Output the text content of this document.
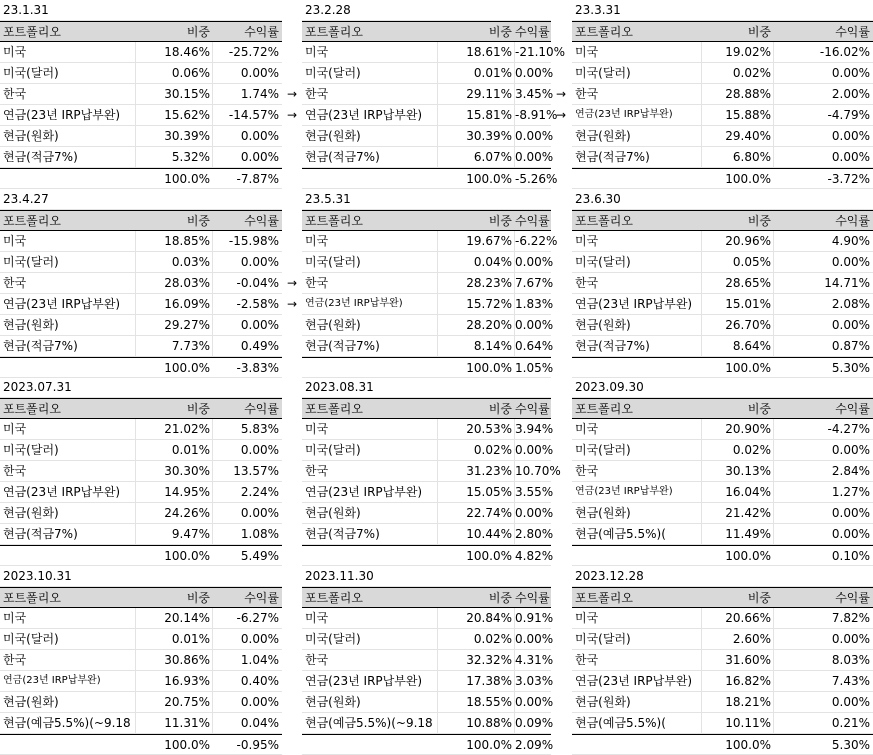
23.1.31
포트폴리오	비중	수익률
미국	18.46%	-25.72%
미국(달러)	0.06%	0.00%
한국	30.15%	1.74%
연금(23년 IRP납부완)	15.62%	-14.57%
현금(원화)	30.39%	0.00%
현금(적금7%)	5.32%	0.00%
100.0%	-7.87%
23.2.28
포트폴리오	비중 수익률
미국	18.61% -21.10%
미국(달러)	0.01% 0.00%
한국	29.11% 3.45%
연금(23년 IRP납부완)	15.81% -8.91%
현금(원화)	30.39% 0.00%
현금(적금7%)	6.07% 0.00%
100.0% -5.26%
23.3.31
포트폴리오	비중	수익률
미국	19.02%	-16.02%
미국(달러)	0.02%	0.00%
한국	28.88%	2.00%
연금(23년 IRP납부완)	15.88%	-4.79%
현금(원화)	29.40%	0.00%
현금(적금7%)	6.80%	0.00%
100.0%	-3.72%
23.4.27
포트폴리오	비중	수익률
미국	18.85%	-15.98%
미국(달러)	0.03%	0.00%
한국	28.03%	-0.04%
연금(23년 IRP납부완)	16.09%	-2.58%
현금(원화)	29.27%	0.00%
현금(적금7%)	7.73%	0.49%
100.0%	-3.83%
23.5.31
포트폴리오	비중 수익률
미국	19.67% -6.22%
미국(달러)	0.04% 0.00%
한국	28.23% 7.67%
연금(23년 IRP납부완)	15.72% 1.83%
현금(원화)	28.20% 0.00%
현금(적금7%)	8.14% 0.64%
100.0% 1.05%
23.6.30
포트폴리오	비중	수익률
미국	20.96%	4.90%
미국(달러)	0.05%	0.00%
한국	28.65%	14.71%
연금(23년 IRP납부완)	15.01%	2.08%
현금(원화)	26.70%	0.00%
현금(적금7%)	8.64%	0.87%
100.0%	5.30%
2023.07.31
포트폴리오	비중	수익률
미국	21.02%	5.83%
미국(달러)	0.01%	0.00%
한국	30.30%	13.57%
연금(23년 IRP납부완)	14.95%	2.24%
현금(원화)	24.26%	0.00%
현금(적금7%)	9.47%	1.08%
100.0%	5.49%
2023.08.31
포트폴리오	비중 수익률
미국	20.53% 3.94%
미국(달러)	0.02% 0.00%
한국	31.23% 10.70%
연금(23년 IRP납부완)	15.05% 3.55%
현금(원화)	22.74% 0.00%
현금(적금7%)	10.44% 2.80%
100.0% 4.82%
2023.09.30
포트폴리오	비중	수익률
미국	20.90%	-4.27%
미국(달러)	0.02%	0.00%
한국	30.13%	2.84%
연금(23년 IRP납부완)	16.04%	1.27%
현금(원화)	21.42%	0.00%
현금(예금5.5%)(	11.49%	0.00%
100.0%	0.10%
2023.10.31
포트폴리오	비중	수익률
미국	20.14%	-6.27%
미국(달러)	0.01%	0.00%
한국	30.86%	1.04%
연금(23년 IRP납부완)	16.93%	0.40%
현금(원화)	20.75%	0.00%
현금(예금5.5%)(~9.18	11.31%	0.04%
100.0%	-0.95%
2023.11.30
포트폴리오	비중 수익률
미국	20.84% 0.91%
미국(달러)	0.02% 0.00%
한국	32.32% 4.31%
연금(23년 IRP납부완)	17.38% 3.03%
현금(원화)	18.55% 0.00%
현금(예금5.5%)(~9.18	10.88% 0.09%
100.0% 2.09%
2023.12.28
포트폴리오	비중	수익률
미국	20.66%	7.82%
미국(달러)	2.60%	0.00%
한국	31.60%	8.03%
연금(23년 IRP납부완)	16.82%	7.43%
현금(원화)	18.21%	0.00%
현금(예금5.5%)(	10.11%	0.21%
100.0%	5.30%
→
→
→
→
→
→
